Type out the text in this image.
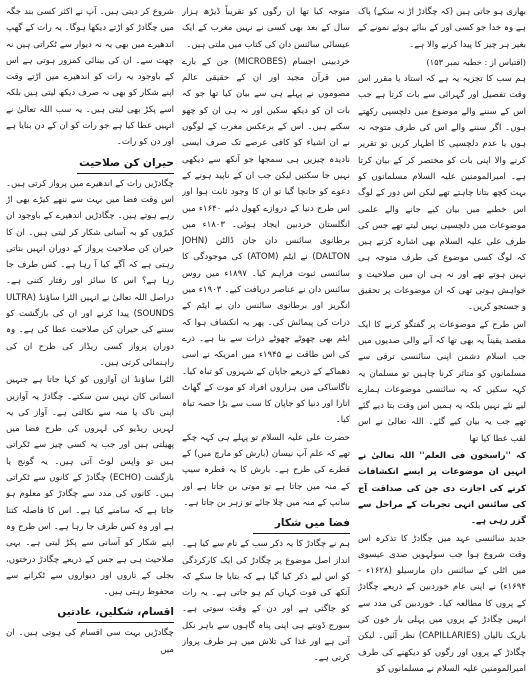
بھاری ہو جاتی ہیں (کہ چگادڑ اڑ نہ سکے) پاک ہے وہ خدا جو کسی اور کے بنائے ہوئے نمونے کے بغیر ہر چیز کا پیدا کرنے والا ہے۔

(اقتباس از : خطبہ نمبر ۱۵۳)

ہم سب کا تجزیہ یہ ہے کہ استاد یا مقرر اس وقت تفصیل اور گہرائی سے بات کرتا ہے جب اس کے سننے والے موضوع میں دلچسپی رکھتے ہوں۔ اگر سننے والے اس کی طرف متوجہ نہ ہوں یا عدم دلچسپی کا اظہار کریں تو تقریر کرنے والا اپنی بات کو مختصر کر کے بیان کرتا ہے۔ امیرالمومنین علیہ السلام مسلمانوں کو بہت کچھ بتانا چاہتے تھے لیکن اس دور کے لوگ اس خطبے میں بیان کیے جانے والے علمی موضوعات میں دلچسپی نہیں لیتے تھے جس کی طرف علی علیہ السلام بھی اشارہ کرتے ہیں کہ لوگ کسی موضوع کی طرف متوجہ ہی نہیں ہوتے تھے اور نہ ہی ان میں صلاحیت و خواہش ہوتی تھی کہ ان موضوعات پر تحقیق و جستجو کریں۔

اس طرح کے موضوعات پر گفتگو کرنے کا ایک مقصد یقیناً یہ بھی تھا کہ آنے والی صدیوں میں جب اسلام دشمن اپنی سائنسی ترقی سے مسلمانوں کو متاثر کرنا چاہیں تو مسلمان یہ کہہ سکیں کہ یہ سائنسی موضوعات ہمارے لیے نئے نہیں بلکہ یہ ہمیں اس وقت بتا دیے گئے تھے جب یہ بیان کیے گئے۔ اللہ تعالیٰ نے اس لقب عطا کیا تھا

کہ ''راسخون فی العلم'' اللہ تعالیٰ نے انہیں ان موضوعات پر ایسے انکشافات کرنے کی اجازت دی جن کی صداقت آج کی سائنس انہی تجربات کے مراحل سے گزر رہی ہے۔

جدید سائنسی عہد میں چگادڑ کا تذکرہ اس وقت شروع ہوا جب سولہویں صدی عیسوی میں اٹلی کے سائنس دان مارسیلو (۱۶۲۸ء - ۱۶۹۴ء) نے اپنی عام خوردبین کے ذریعے چگادڑ کے پروں کا مطالعہ کیا۔ خوردبین کی مدد سے انہیں چگادڑ کے پروں میں پہلی بار خون کی باریک نالیاں (CAPILLARIES) نظر آئیں۔ لیکن چگادڑ کے پروں اور رگوں کو دیکھنے کی طرف امیرالمومنین علیہ السلام نے مسلمانوں کو

متوجہ کیا تھا ان رگوں کو تقریباً ڈیڑھ ہزار سال کے بعد بھی کسی نے نہیں مغرب کے ایک عیسائی سائنس دان کی کتاب میں ملتی ہیں۔

خردبینی اجسام (MICROBES) جن کے بارے میں قرآن مجید اور ان کے حقیقی عالم مصوموں نے پہلے ہی سے بیان کیا تھا جو کہ بات ان کو دیکھ سکیں اور نہ ہی ان کو چھو سکتے ہیں۔ اس کے برعکس مغرب کے لوگوں نے ان اشیاء کو کافی عرصے تک صرف ایسی نادیدہ چیزیں ہی سمجھا جو آنکھ سے دیکھی نہیں جا سکتیں لیکن جب ان کے ناپید ہونے کے دعوے کو جانچا گیا تو ان کا وجود ثابت ہوا اور اس طرح دنیا کے دروازے کھول دئیے ۱۶۴۰ء میں انگلستان خردبین ایجاد ہوئی۔ ۱۸۰۳ء میں برطانوی سائنس دان جان ڈالٹن (JOHN DALTON) نے ایٹم (ATOM) کی موجودگی کا سائنسی ثبوت فراہم کیا۔ ۱۸۹۷ء میں روس سائنس دان نے عناصر دریافت کیے۔ ۱۹۰۳ء میں انگریز اور برطانوی سائنس دان نے ایٹم کے ذرات کی پیمائش کی۔ پھر یہ انکشاف ہوا کہ ایٹم بھی چھوٹے چھوٹے ذرات سے بنا ہے۔ ذرے کی اس طاقت نے ۱۹۴۵ء میں امریکہ نے اسی دھماکے کے ذریعے جاپان کے شہروں کو تباہ کیا۔ ناگاساکی میں ہزاروں افراد کو موت کے گھاٹ اتارا اور دنیا کو جاپان کا سب سے بڑا حصہ تباہ کیا۔

حضرت علی علیہ السلام تو پہلے ہی کہہ چکے تھے کہ علم آپ نیسان (بارش کو مارچ میں) کے قطرے کی طرح ہے۔ بارش کا یہ قطرہ سیپ کے منہ میں جاتا ہے تو موتی بن جاتا ہے اور سانپ کے منہ میں چلا جائے تو زہر بن جاتا ہے۔

فضا میں شکار

ہم نے چگادڑ کا یہ ذکر سب کے نام سے کیا ہے۔ انداز اصل موضوع پر چگادڑ کی ایک کارکردگی کو اس لیے ذکر کیا گیا ہے کہ بتایا جا سکے کہ آنکھ کی قوت کہاں کم ہو جاتی ہے۔ یہ رات کو جاگتی ہے اور دن کے وقت سوتی ہے۔ سورج ڈوبتے ہی اپنی پناہ گاہوں سے باہر نکل آتی ہے اور غذا کی تلاش میں ہر طرف پرواز کرتی ہے۔

شروع کر دیتی ہیں۔ آپ نے اکثر کسی بند جگہ میں چگادڑ کو اڑتے دیکھا ہوگا۔ یہ رات کے گھپ اندھیرے میں بھی یہ نہ دیوار سے ٹکراتی ہیں نہ چھت سے۔ ان کی بینائی کمزور ہوتی ہے اس کے باوجود یہ رات کو اندھیرے میں اڑتے وقت اپنے شکار کو بھی نہ صرف دیکھ لیتی ہیں بلکہ اسے پکڑ بھی لیتی ہیں۔ یہ سب اللہ تعالیٰ نے انہیں عطا کیا ہے جو رات کو ان کے دن بنایا ہے اور دن کو رات۔

حیران کن صلاحیت

چگادڑیں رات کے اندھیرے میں پرواز کرتی ہیں۔ اس وقت فضا میں بہت سے ننھے کیڑے بھی اڑ رہے ہوتے ہیں۔ چگادڑیں اندھیرے کے باوجود ان کیڑوں کو بہ آسانی شکار کر لیتی ہیں۔ ان کا حیران کن صلاحیت پرواز کے دوران انہیں بتاتی رہتی ہے کہ آگے کیا آ رہا ہے۔ کس طرف جا رہا ہے؟ اس کا سائز اور رفتار کتنی ہے۔ دراصل اللہ تعالیٰ نے انہیں الٹرا ساؤنڈ (ULTRA SOUNDS) پیدا کرنے اور ان کی بازگشت کو سننے کی حیران کن صلاحیت عطا کی ہے۔ وہ دوران پرواز کسی ریڈار کی طرح ان کی راہنمائی کرتی ہیں۔

الٹرا ساؤنڈ ان آوازوں کو کہا جاتا ہے جنہیں انسانی کان نہیں سن سکتے۔ چگادڑ یہ آوازیں اپنی ناک یا منہ سے نکالتی ہے۔ آواز کی یہ لہریں ریڈیو کی لہروں کی طرح فضا میں پھیلتی ہیں اور جب یہ کسی چیز سے ٹکراتی ہیں تو واپس لوٹ آتی ہیں۔ یہ گونج یا بازگشت (ECHO) چگادڑ کے کانوں سے ٹکراتی ہیں۔ کانوں کی مدد سے چگادڑ کو معلوم ہو جاتا ہے کہ سامنے کیا ہے۔ اس کا فاصلہ کتنا ہے اور وہ کس طرف جا رہا ہے۔ اس طرح وہ اپنے شکار کو آسانی سے پکڑ لیتی ہے۔ یہی صلاحیت ہی ہے جس کے ذریعے چگادڑ درختوں، بجلی کے تاروں اور دیواروں سے ٹکرانے سے محفوظ رہتی ہیں۔

اقسام، شکلیں، عادتیں

چگادڑیں بہت سی اقسام کی ہوتی ہیں۔ ان میں
